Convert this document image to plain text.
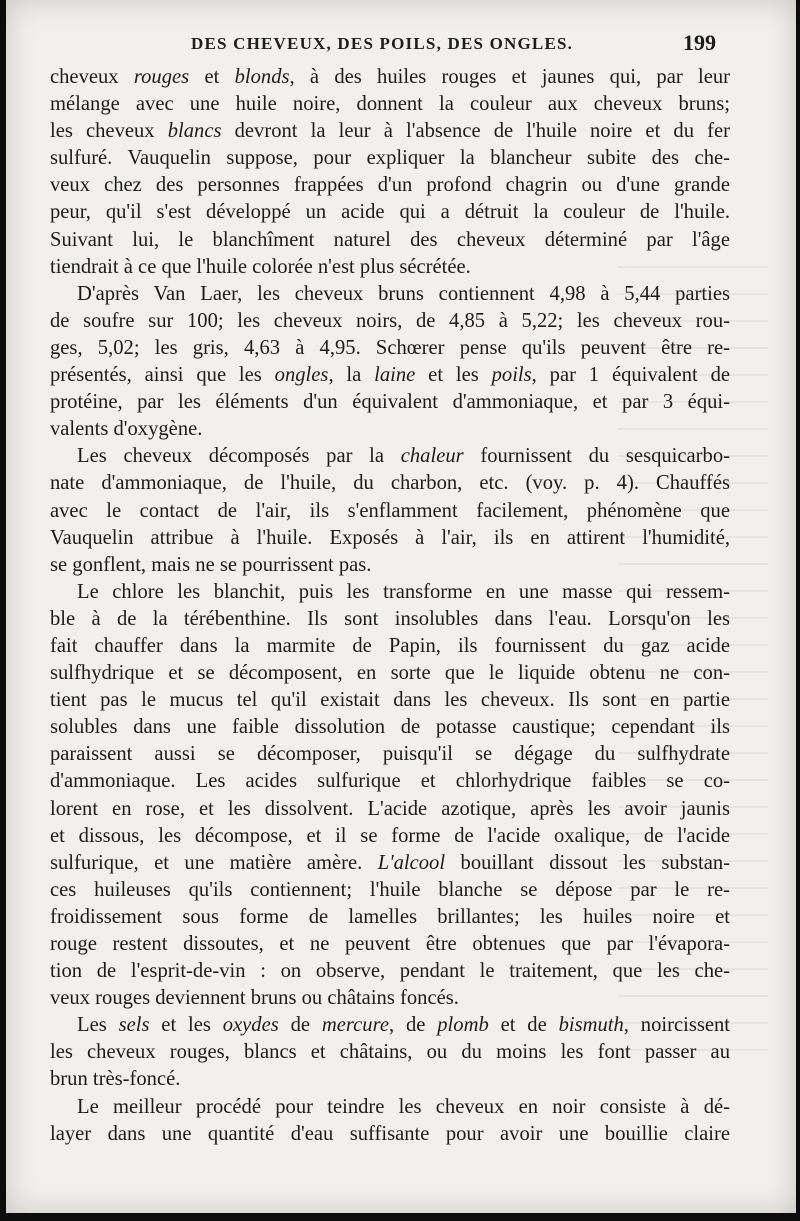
DES CHEVEUX, DES POILS, DES ONGLES.	199
cheveux rouges et blonds, à des huiles rouges et jaunes qui, par leur
mélange avec une huile noire, donnent la couleur aux cheveux bruns;
les cheveux blancs devront la leur à l'absence de l'huile noire et du fer
sulfuré. Vauquelin suppose, pour expliquer la blancheur subite des che-
veux chez des personnes frappées d'un profond chagrin ou d'une grande
peur, qu'il s'est développé un acide qui a détruit la couleur de l'huile.
Suivant lui, le blanchîment naturel des cheveux déterminé par l'âge
tiendrait à ce que l'huile colorée n'est plus sécrétée.
D'après Van Laer, les cheveux bruns contiennent 4,98 à 5,44 parties
de soufre sur 100; les cheveux noirs, de 4,85 à 5,22; les cheveux rou-
ges, 5,02; les gris, 4,63 à 4,95. Schœrer pense qu'ils peuvent être re-
présentés, ainsi que les ongles, la laine et les poils, par 1 équivalent de
protéine, par les éléments d'un équivalent d'ammoniaque, et par 3 équi-
valents d'oxygène.
Les cheveux décomposés par la chaleur fournissent du sesquicarbo-
nate d'ammoniaque, de l'huile, du charbon, etc. (voy. p. 4). Chauffés
avec le contact de l'air, ils s'enflamment facilement, phénomène que
Vauquelin attribue à l'huile. Exposés à l'air, ils en attirent l'humidité,
se gonflent, mais ne se pourrissent pas.
Le chlore les blanchit, puis les transforme en une masse qui ressem-
ble à de la térébenthine. Ils sont insolubles dans l'eau. Lorsqu'on les
fait chauffer dans la marmite de Papin, ils fournissent du gaz acide
sulfhydrique et se décomposent, en sorte que le liquide obtenu ne con-
tient pas le mucus tel qu'il existait dans les cheveux. Ils sont en partie
solubles dans une faible dissolution de potasse caustique; cependant ils
paraissent aussi se décomposer, puisqu'il se dégage du sulfhydrate
d'ammoniaque. Les acides sulfurique et chlorhydrique faibles se co-
lorent en rose, et les dissolvent. L'acide azotique, après les avoir jaunis
et dissous, les décompose, et il se forme de l'acide oxalique, de l'acide
sulfurique, et une matière amère. L'alcool bouillant dissout les substan-
ces huileuses qu'ils contiennent; l'huile blanche se dépose par le re-
froidissement sous forme de lamelles brillantes; les huiles noire et
rouge restent dissoutes, et ne peuvent être obtenues que par l'évapora-
tion de l'esprit-de-vin : on observe, pendant le traitement, que les che-
veux rouges deviennent bruns ou châtains foncés.
Les sels et les oxydes de mercure, de plomb et de bismuth, noircissent
les cheveux rouges, blancs et châtains, ou du moins les font passer au
brun très-foncé.
Le meilleur procédé pour teindre les cheveux en noir consiste à dé-
layer dans une quantité d'eau suffisante pour avoir une bouillie claire
